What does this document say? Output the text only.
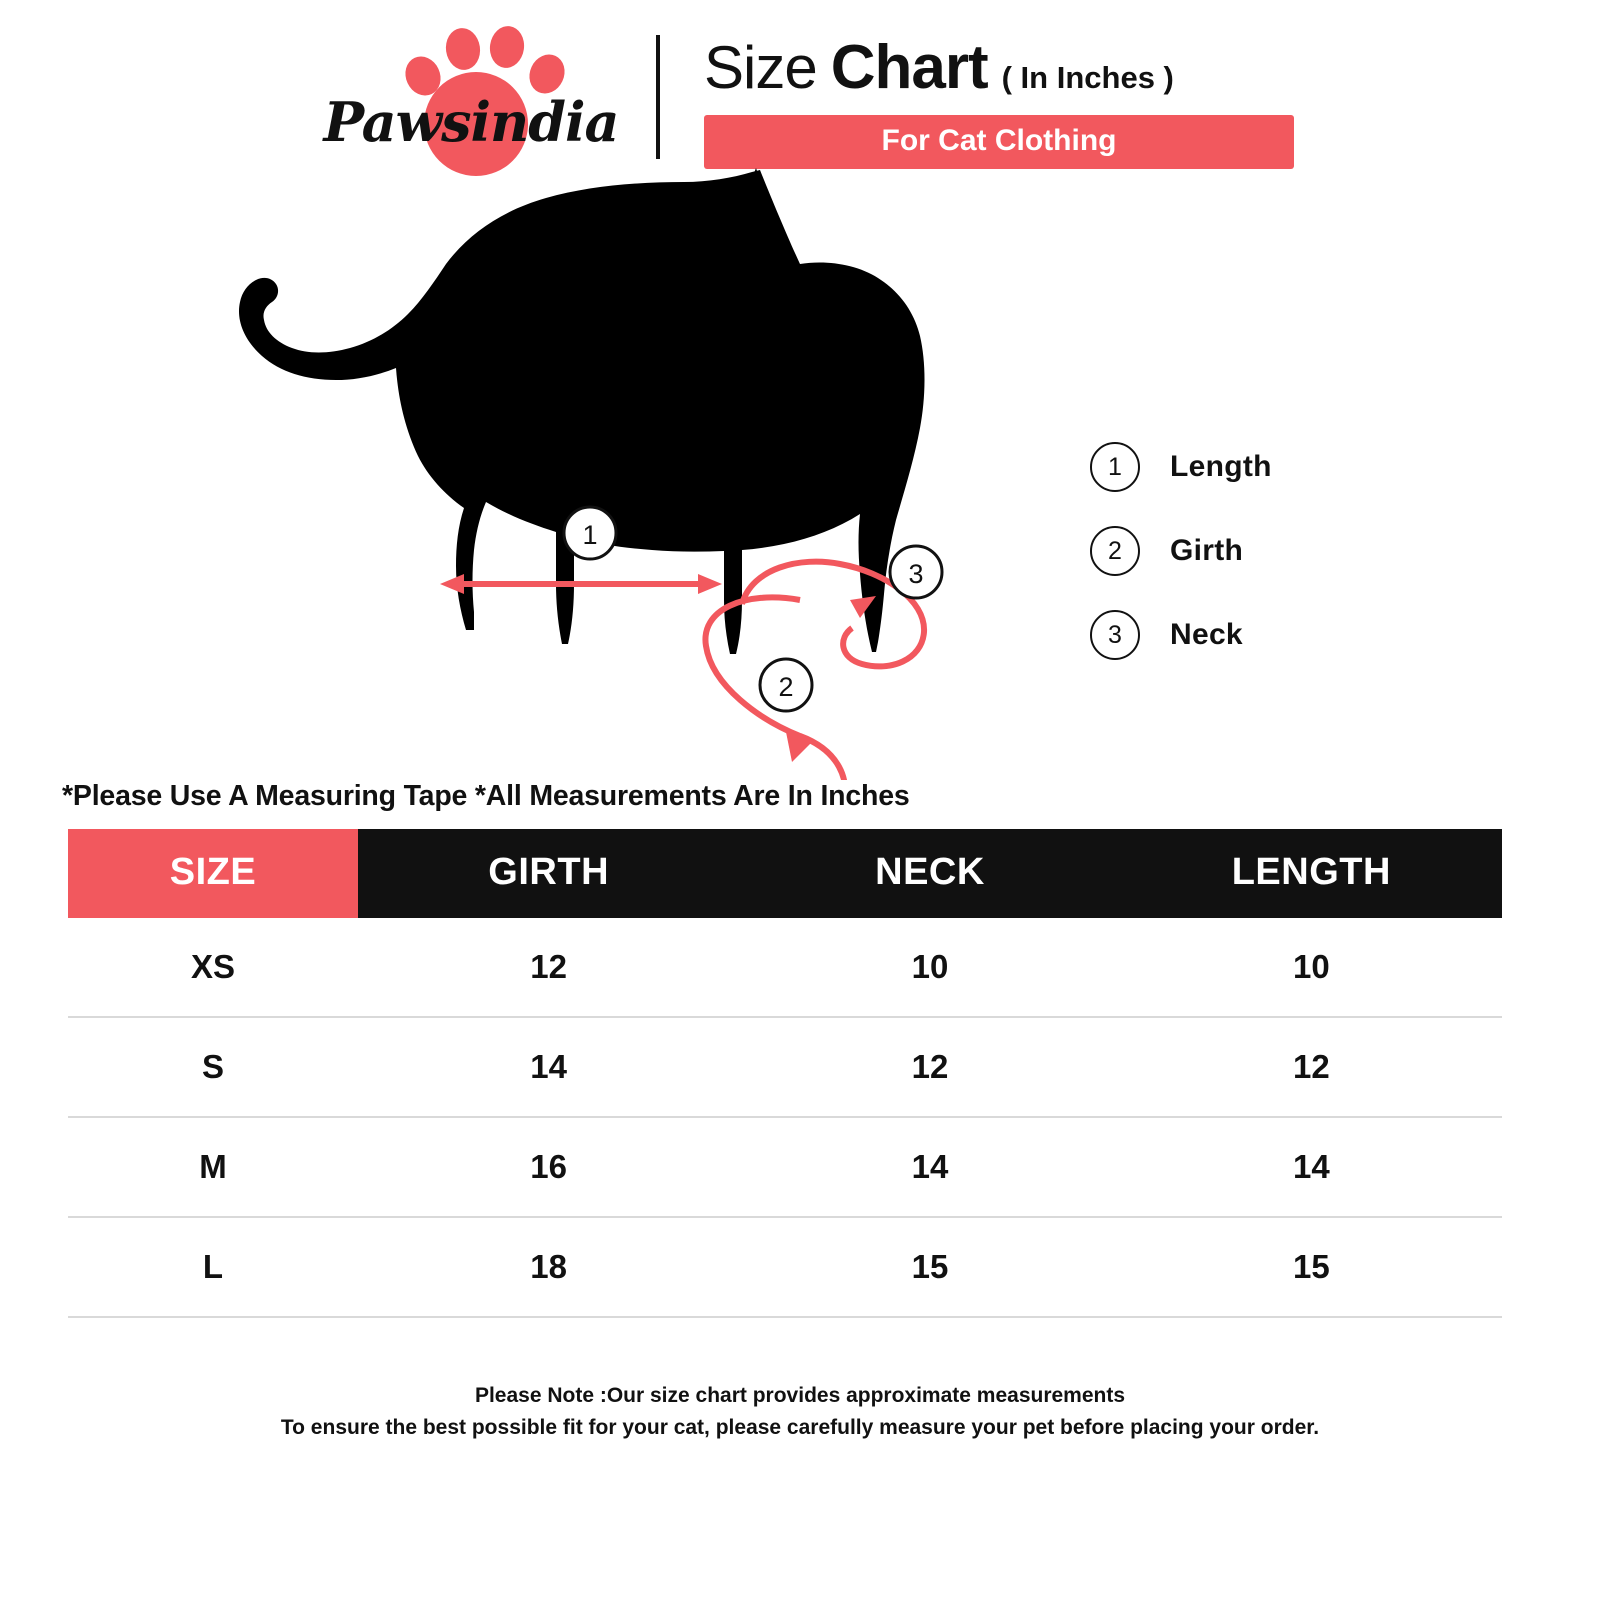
Pawsindia
Size Chart ( In Inches )
For Cat Clothing
1
2
3
1	Length
2	Girth
3	Neck
*Please Use A Measuring Tape *All Measurements Are In Inches
SIZE	GIRTH	NECK	LENGTH
XS	12	10	10
S	14	12	12
M	16	14	14
L	18	15	15
Please Note :Our size chart provides approximate measurements
To ensure the best possible fit for your cat, please carefully measure your pet before placing your order.
